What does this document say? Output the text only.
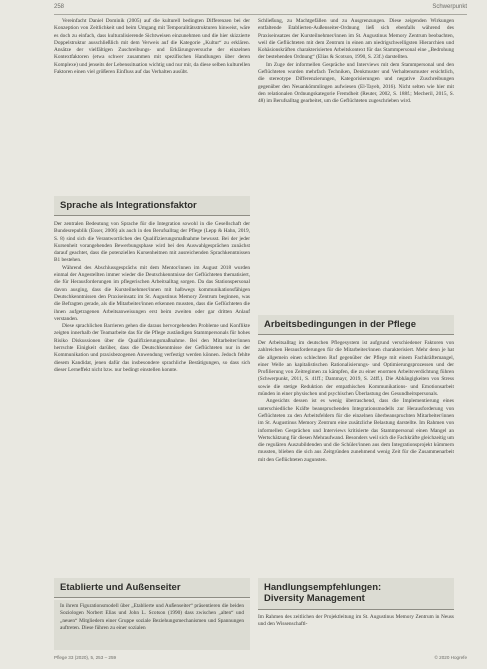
258	Schwerpunkt

Vereinfacht Daniel Dominik (2005) auf die kulturell bedingten Differenzen bei der Konzeption von Zeitlichkeit und beim Umgang mit Temporalitätsstrukturen hinweist, wäre es doch zu einfach, dass kulturalisierende Sichtweisen einzunehmen und die hier skizzierte Doppelstruktur ausschließlich mit dem Verweis auf die Kategorie „Kultur“ zu erklären. Ansätze der vielfältigen Zuschreibungs- und Erklärungsversuche der einzelnen Kontextfaktoren (etwa schwer zusammen mit spezifischen Handlungen über deren Komplexe) und jenseits der Lebenssituation wichtig und nur mir, da diese selben kulturellen Faktoren einen viel größeren Einfluss auf das Verhalten ausübt.

Sprache als Integrationsfaktor

Der zentralen Bedeutung von Sprache für die Integration sowohl in die Gesellschaft der Bundesrepublik (Esser, 2006) als auch in den Berufsalltag der Pflege (Lepp & Hahn, 2019, S. 8) sind sich die Verantwortlichen des Qualifizierungsmaßnahme bewusst. Bei der jeder Kursenheit vorangehenden Bewerbungsphase wird bei den Auswahlgesprächen zunächst darauf geachtet, dass die potenziellen Kursenheitnen mit ausreichenden Sprachkenntnissen B1 bestehen.

Während des Abschlussgesprächs mit dem Mentor/innen im August 2018 wurden einmal der Angestellten immer wieder die Deutschkenntnisse der Geflüchteten thematisiert, die für Herausforderungen im pflegerischen Arbeitsalltag sorgen. Da das Stationspersonal davon ausging, dass die Kursteilnehmer/innen mit halbwegs kommunikationsfähigen Deutschkenntnissen den Praxiseinsatz im St. Augustinus Memory Zentrum beginnen, was die Befragten gerade, als die Mitarbeiter/innen erkennen mussten, dass die Geflüchteten die ihnen aufgetragenen Arbeitsanweisungen erst beim zweiten oder gar dritten Anlauf verstanden.

Diese sprachlichen Barrieren gehen die daraus hervorgehenden Probleme und Konflikte zeigten innerhalb der Teamarbeite das für die Pflege zuständigen Stammpersonals für hohes Risiko Diskussionen über die Qualifizierungsmaßnahme. Bei den Mitarbeiter/innen herrschte Einigkeit darüber, dass die Deutschkenntnisse der Geflüchteten nur in der Kommunikation und praxisbezogenen Anwendung verfestigt werden können. Jedoch fehlte diesem Kandidat, jenen dafür das insbesondere sprachliche Bestätigungen, so dass sich dieser Lerneffekt nicht bzw. nur bedingt einstellen konnte.

Etablierte und Außenseiter

In ihrem Figurationsmodell über „Etablierte und Außenseiter“ präsentieren die beiden Soziologen Norbert Elias und John L. Scotson (1990) dass zwischen „alten“ und „neuen“ Mitgliedern einer Gruppe soziale Beziehungsmechanismen und Spannungen auftreten. Diese führen zu einer sozialen

Schließung, zu Machtgefällen und zu Ausgrenzungen. Diese zeigenden Wirkungen entfaltende Etablierten-Außenseiter-Ordnung ließ sich ebenfalls während des Praxiseinsatzes der Kursteilnehmer/innen im St. Augustinus Memory Zentrum beobachten, weil die Geflüchteten mit dem Zentrum in einen am niedrigschwelligsten Hierarchien und Kohäsionskräften charakterisierten Arbeitskontext für das Stammpersonal eine „Bedrohung der bestehenden Ordnung“ (Elias & Scotson, 1990, S. 23f.) darstellten.

Im Zuge der informellen Gespräche und Interviews mit dem Stammpersonal und den Geflüchteten wurden mehrfach Techniken, Denkmuster und Verhaltensmuster ersichtlich, die stereotype Differenzierungen, Kategorisierungen und negative Zuschreibungen gegenüber den Neuankömmlingen aufwiesen (El-Tayeb, 2016). Nicht selten wie hier mit den relationalen Ordnungskategorie Fremdheit (Reuter, 2002, S. 188f.; Mecheril, 2015, S. 48) im Berufsalltag gearbeitet, um die Geflüchteten zugeschrieben wird.

Arbeitsbedingungen in der Pflege

Der Arbeitsalltag im deutschen Pflegesystem ist aufgrund verschiedener Faktoren von zahlreichen Herausforderungen für die Mitarbeiter/innen charakterisiert. Mehr denn je hat die allgemein einen schlechten Ruf gegenüber der Pflege mit einem Fachkräftemangel, einer Welle an kapitalistischen Rationalisierungs- und Optimierungsprozessen und der Profilierung von Zeitregimen zu kämpfen, die zu einer enormen Arbeitsverdichtung führen (Schwerpunkt, 2011, S. 41ff.; Dammayr, 2019, S. 24ff.). Die Abhängigkeiten von Stress sowie die stetige Reduktion der empathischen Kommunikations- und Emotionsarbeit münden in einer physischen und psychischen Überlastung des Gesundheitspersonals.

Angesichts dessen ist es wenig überraschend, dass die Implementierung eines unterschiedliche Kräfte beanspruchenden Integrationsmodells zur Herausforderung von Geflüchteten zu den Arbeitsfeldern für die einzelnen überbeanspruchten Mitarbeiter/innen im St. Augustinus Memory Zentrum eine zusätzliche Belastung darstellte. Im Rahmen von informellen Gesprächen und Interviews kritisierte das Stammpersonal einen Mangel an Wertschätzung für diesen Mehraufwand. Besonders weil sich die Fachkräfte gleichzeitig um die regulären Auszubildenden und die Schüler/innen aus dem Integrationsprojekt kümmern mussten, blieben die sich aus Zeitgründen zunehmend wenig Zeit für die Zusammenarbeit mit den Geflüchteten zugunsten.

Handlungsempfehlungen:
Diversity Management

Im Rahmen des zeitlichen der Projektleitung im St. Augustinus Memory Zentrum in Neuss und den Wissenschaftl-

Pflege 33 (2020), 5, 253 – 259	© 2020 Hogrefe
